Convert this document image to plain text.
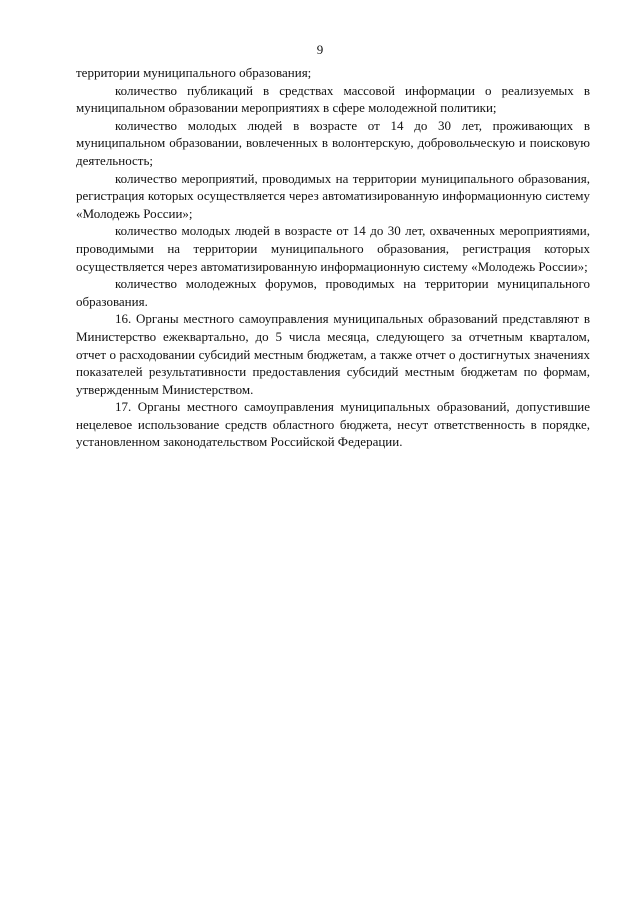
9

территории муниципального образования;

количество публикаций в средствах массовой информации о реализуемых в муниципальном образовании мероприятиях в сфере молодежной политики;

количество молодых людей в возрасте от 14 до 30 лет, проживающих в муниципальном образовании, вовлеченных в волонтерскую, добровольческую и поисковую деятельность;

количество мероприятий, проводимых на территории муниципального образования, регистрация которых осуществляется через автоматизированную информационную систему «Молодежь России»;

количество молодых людей в возрасте от 14 до 30 лет, охваченных мероприятиями, проводимыми на территории муниципального образования, регистрация которых осуществляется через автоматизированную информационную систему «Молодежь России»;

количество молодежных форумов, проводимых на территории муниципального образования.

16. Органы местного самоуправления муниципальных образований представляют в Министерство ежеквартально, до 5 числа месяца, следующего за отчетным кварталом, отчет о расходовании субсидий местным бюджетам, а также отчет о достигнутых значениях показателей результативности предоставления субсидий местным бюджетам по формам, утвержденным Министерством.

17. Органы местного самоуправления муниципальных образований, допустившие нецелевое использование средств областного бюджета, несут ответственность в порядке, установленном законодательством Российской Федерации.
